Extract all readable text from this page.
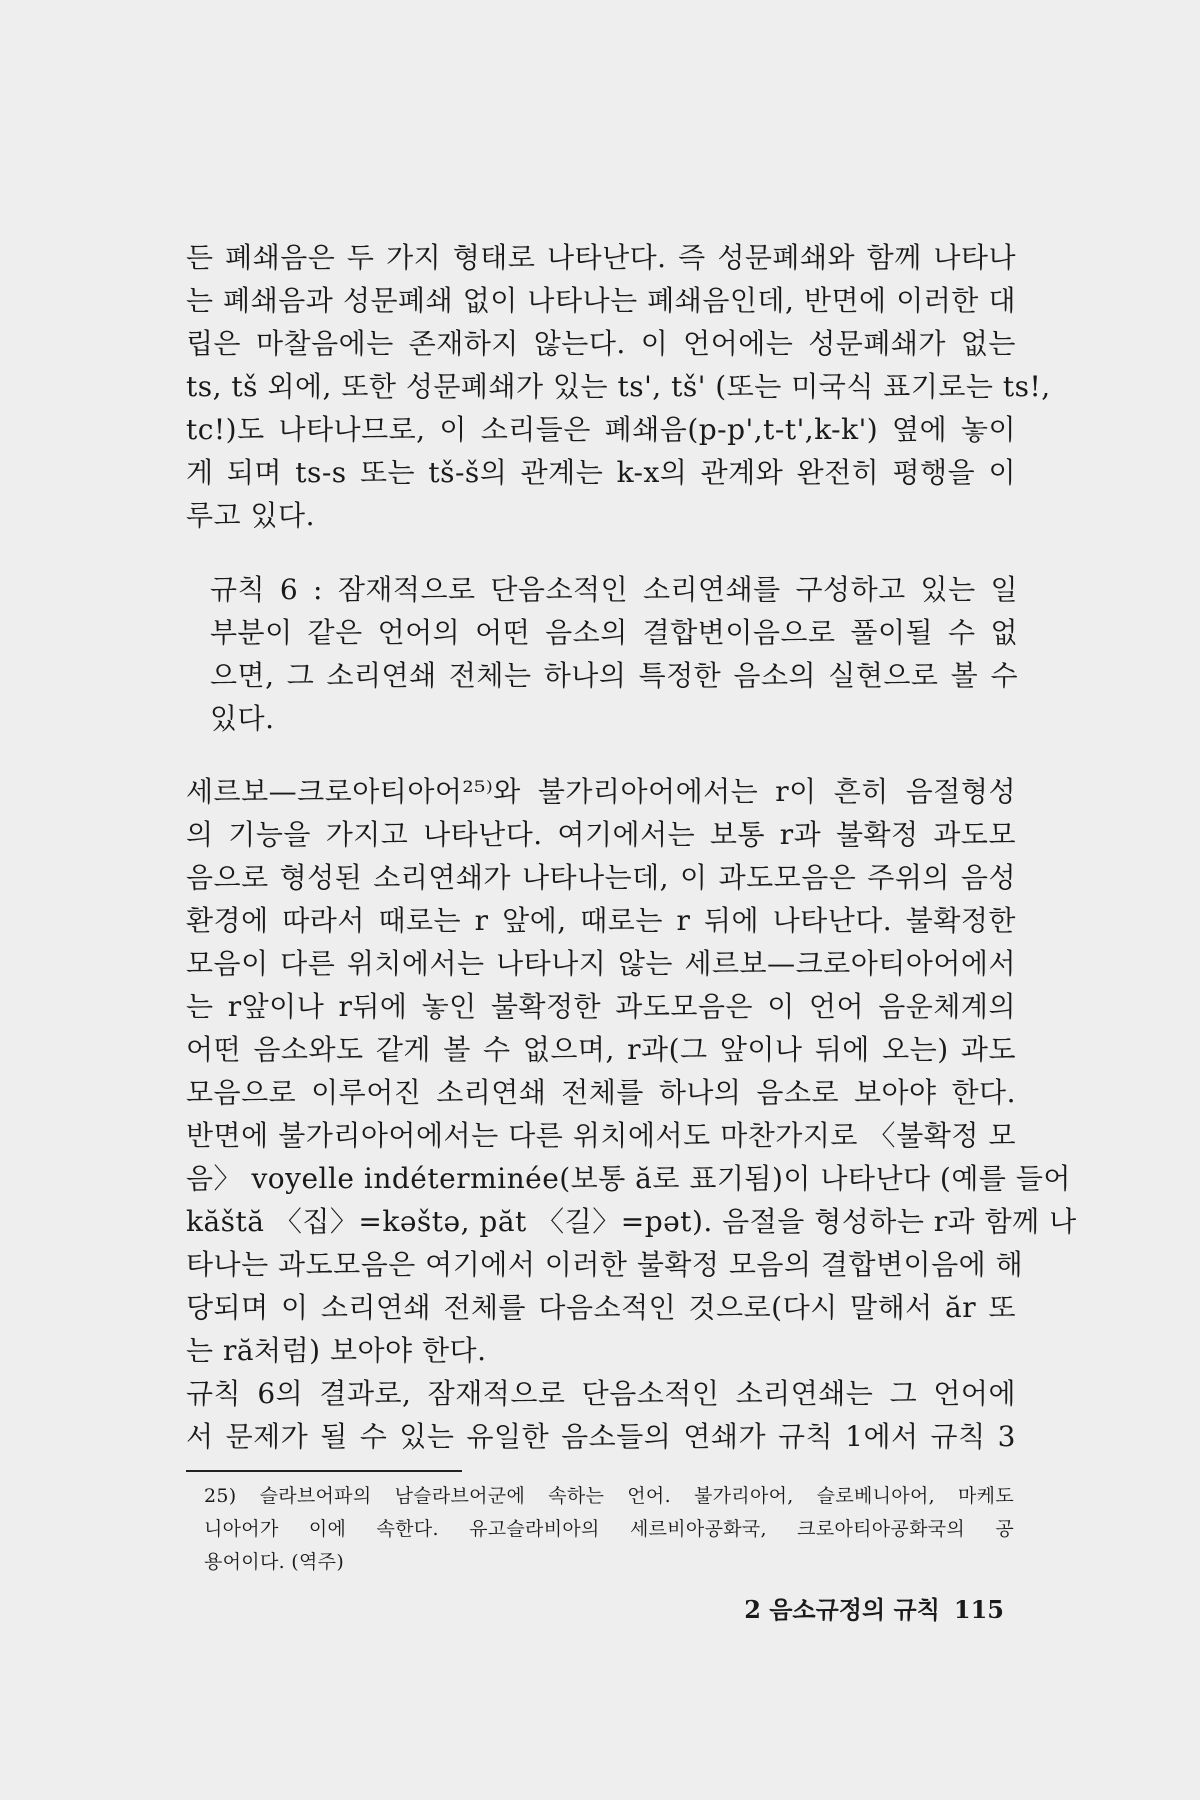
든 폐쇄음은 두 가지 형태로 나타난다. 즉 성문폐쇄와 함께 나타나
는 폐쇄음과 성문폐쇄 없이 나타나는 폐쇄음인데, 반면에 이러한 대
립은 마찰음에는 존재하지 않는다. 이 언어에는 성문폐쇄가 없는
ts, tš 외에, 또한 성문폐쇄가 있는 ts', tš' (또는 미국식 표기로는 ts!,
tc!)도 나타나므로, 이 소리들은 폐쇄음(p-p',t-t',k-k') 옆에 놓이
게 되며 ts-s 또는 tš-š의 관계는 k-x의 관계와 완전히 평행을 이
루고 있다.
규칙 6 : 잠재적으로 단음소적인 소리연쇄를 구성하고 있는 일
부분이 같은 언어의 어떤 음소의 결합변이음으로 풀이될 수 없
으면, 그 소리연쇄 전체는 하나의 특정한 음소의 실현으로 볼 수
있다.
세르보—크로아티아어²⁵⁾와 불가리아어에서는 r이 흔히 음절형성
의 기능을 가지고 나타난다. 여기에서는 보통 r과 불확정 과도모
음으로 형성된 소리연쇄가 나타나는데, 이 과도모음은 주위의 음성
환경에 따라서 때로는 r 앞에, 때로는 r 뒤에 나타난다. 불확정한
모음이 다른 위치에서는 나타나지 않는 세르보—크로아티아어에서
는 r앞이나 r뒤에 놓인 불확정한 과도모음은 이 언어 음운체계의
어떤 음소와도 같게 볼 수 없으며, r과(그 앞이나 뒤에 오는) 과도
모음으로 이루어진 소리연쇄 전체를 하나의 음소로 보아야 한다.
반면에 불가리아어에서는 다른 위치에서도 마찬가지로 〈불확정 모
음〉 voyelle indéterminée(보통 ă로 표기됨)이 나타난다 (예를 들어
kăštă 〈집〉=kəštə, păt 〈길〉=pət). 음절을 형성하는 r과 함께 나
타나는 과도모음은 여기에서 이러한 불확정 모음의 결합변이음에 해
당되며 이 소리연쇄 전체를 다음소적인 것으로(다시 말해서 ăr 또
는 ră처럼) 보아야 한다.
규칙 6의 결과로, 잠재적으로 단음소적인 소리연쇄는 그 언어에
서 문제가 될 수 있는 유일한 음소들의 연쇄가 규칙 1에서 규칙 3
25) 슬라브어파의 남슬라브어군에 속하는 언어. 불가리아어, 슬로베니아어, 마케도
니아어가 이에 속한다. 유고슬라비아의 세르비아공화국, 크로아티아공화국의 공
용어이다. (역주)
2 음소규정의 규칙 115
